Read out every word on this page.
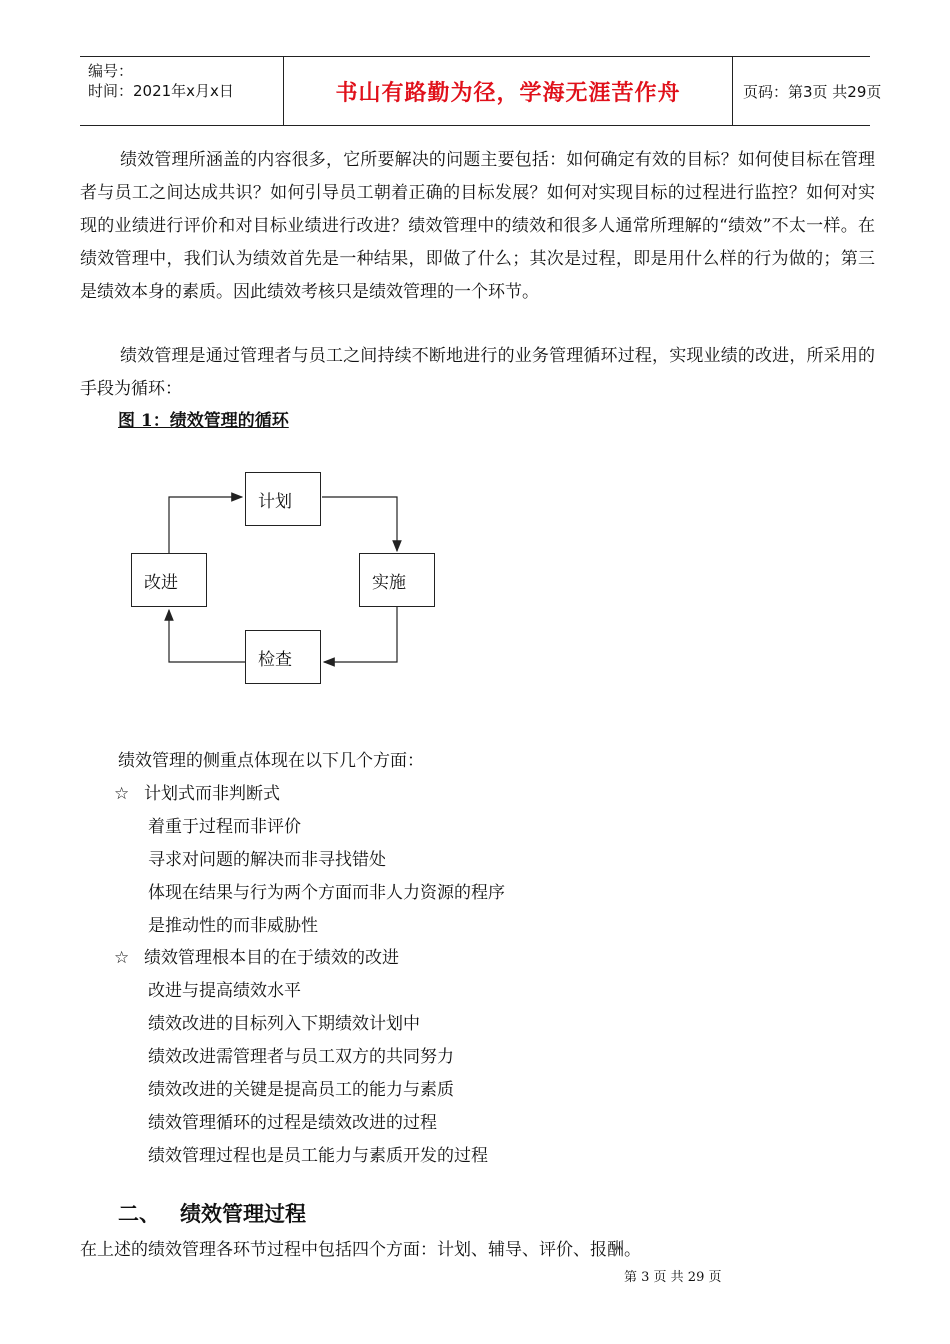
编号：
时间：2021年x月x日	书山有路勤为径，学海无涯苦作舟	页码：第3页 共29页

绩效管理所涵盖的内容很多，它所要解决的问题主要包括：如何确定有效的目标？如何使目标在管理者与员工之间达成共识？如何引导员工朝着正确的目标发展？如何对实现目标的过程进行监控？如何对实现的业绩进行评价和对目标业绩进行改进？绩效管理中的绩效和很多人通常所理解的“绩效”不太一样。在绩效管理中，我们认为绩效首先是一种结果，即做了什么；其次是过程，即是用什么样的行为做的；第三是绩效本身的素质。因此绩效考核只是绩效管理的一个环节。

绩效管理是通过管理者与员工之间持续不断地进行的业务管理循环过程，实现业绩的改进，所采用的手段为循环：

图 1：绩效管理的循环
计划
实施
检查
改进
绩效管理的侧重点体现在以下几个方面：
☆ 计划式而非判断式
着重于过程而非评价
寻求对问题的解决而非寻找错处
体现在结果与行为两个方面而非人力资源的程序
是推动性的而非威胁性
☆ 绩效管理根本目的在于绩效的改进
改进与提高绩效水平
绩效改进的目标列入下期绩效计划中
绩效改进需管理者与员工双方的共同努力
绩效改进的关键是提高员工的能力与素质
绩效管理循环的过程是绩效改进的过程
绩效管理过程也是员工能力与素质开发的过程
二、 绩效管理过程
在上述的绩效管理各环节过程中包括四个方面：计划、辅导、评价、报酬。
第 3 页 共 29 页
